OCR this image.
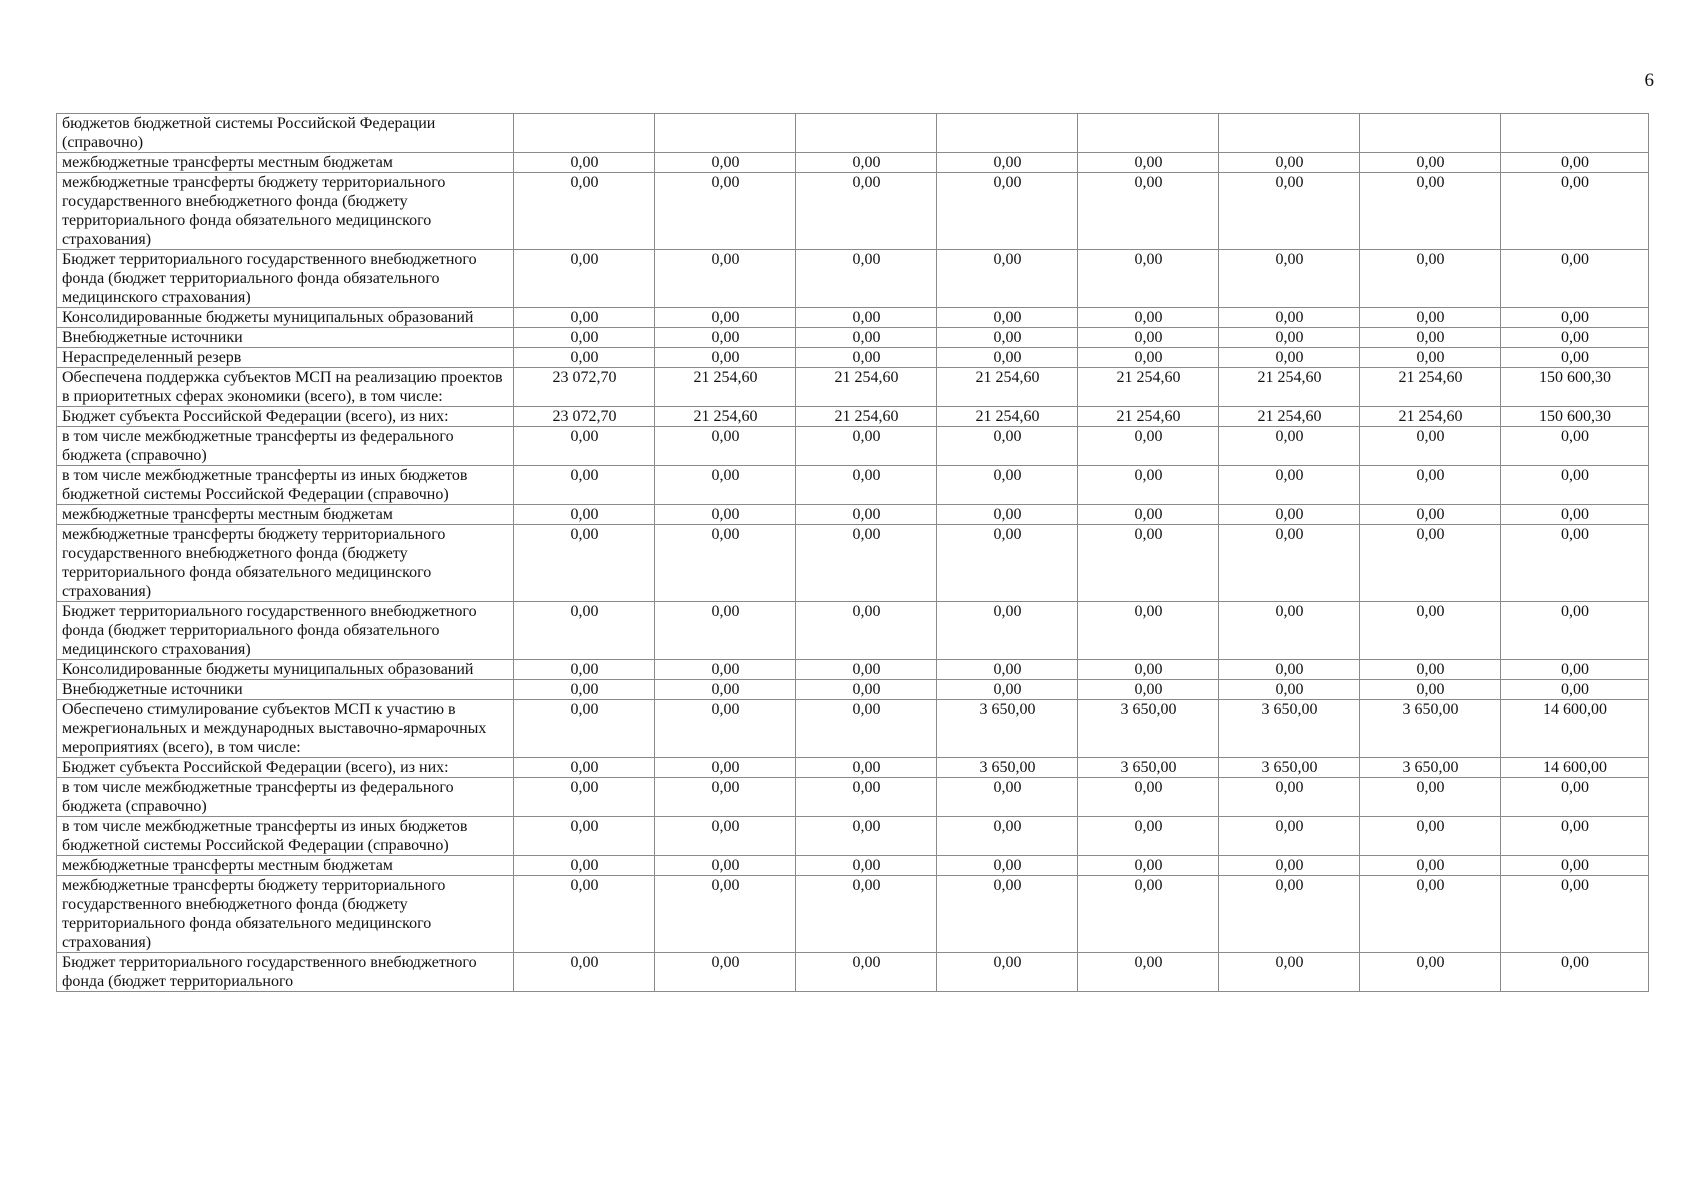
6
бюджетов бюджетной системы Российской Федерации (справочно)								
межбюджетные трансферты местным бюджетам	0,00	0,00	0,00	0,00	0,00	0,00	0,00	0,00
межбюджетные трансферты бюджету территориального государственного внебюджетного фонда (бюджету территориального фонда обязательного медицинского страхования)	0,00	0,00	0,00	0,00	0,00	0,00	0,00	0,00
Бюджет территориального государственного внебюджетного фонда (бюджет территориального фонда обязательного медицинского страхования)	0,00	0,00	0,00	0,00	0,00	0,00	0,00	0,00
Консолидированные бюджеты муниципальных образований	0,00	0,00	0,00	0,00	0,00	0,00	0,00	0,00
Внебюджетные источники	0,00	0,00	0,00	0,00	0,00	0,00	0,00	0,00
Нераспределенный резерв	0,00	0,00	0,00	0,00	0,00	0,00	0,00	0,00
Обеспечена поддержка субъектов МСП на реализацию проектов в приоритетных сферах экономики (всего), в том числе:	23 072,70	21 254,60	21 254,60	21 254,60	21 254,60	21 254,60	21 254,60	150 600,30
Бюджет субъекта Российской Федерации (всего), из них:	23 072,70	21 254,60	21 254,60	21 254,60	21 254,60	21 254,60	21 254,60	150 600,30
в том числе межбюджетные трансферты из федерального бюджета (справочно)	0,00	0,00	0,00	0,00	0,00	0,00	0,00	0,00
в том числе межбюджетные трансферты из иных бюджетов бюджетной системы Российской Федерации (справочно)	0,00	0,00	0,00	0,00	0,00	0,00	0,00	0,00
межбюджетные трансферты местным бюджетам	0,00	0,00	0,00	0,00	0,00	0,00	0,00	0,00
межбюджетные трансферты бюджету территориального государственного внебюджетного фонда (бюджету территориального фонда обязательного медицинского страхования)	0,00	0,00	0,00	0,00	0,00	0,00	0,00	0,00
Бюджет территориального государственного внебюджетного фонда (бюджет территориального фонда обязательного медицинского страхования)	0,00	0,00	0,00	0,00	0,00	0,00	0,00	0,00
Консолидированные бюджеты муниципальных образований	0,00	0,00	0,00	0,00	0,00	0,00	0,00	0,00
Внебюджетные источники	0,00	0,00	0,00	0,00	0,00	0,00	0,00	0,00
Обеспечено стимулирование субъектов МСП к участию в межрегиональных и международных выставочно-ярмарочных мероприятиях (всего), в том числе:	0,00	0,00	0,00	3 650,00	3 650,00	3 650,00	3 650,00	14 600,00
Бюджет субъекта Российской Федерации (всего), из них:	0,00	0,00	0,00	3 650,00	3 650,00	3 650,00	3 650,00	14 600,00
в том числе межбюджетные трансферты из федерального бюджета (справочно)	0,00	0,00	0,00	0,00	0,00	0,00	0,00	0,00
в том числе межбюджетные трансферты из иных бюджетов бюджетной системы Российской Федерации (справочно)	0,00	0,00	0,00	0,00	0,00	0,00	0,00	0,00
межбюджетные трансферты местным бюджетам	0,00	0,00	0,00	0,00	0,00	0,00	0,00	0,00
межбюджетные трансферты бюджету территориального государственного внебюджетного фонда (бюджету территориального фонда обязательного медицинского страхования)	0,00	0,00	0,00	0,00	0,00	0,00	0,00	0,00
Бюджет территориального государственного внебюджетного фонда (бюджет территориального	0,00	0,00	0,00	0,00	0,00	0,00	0,00	0,00
